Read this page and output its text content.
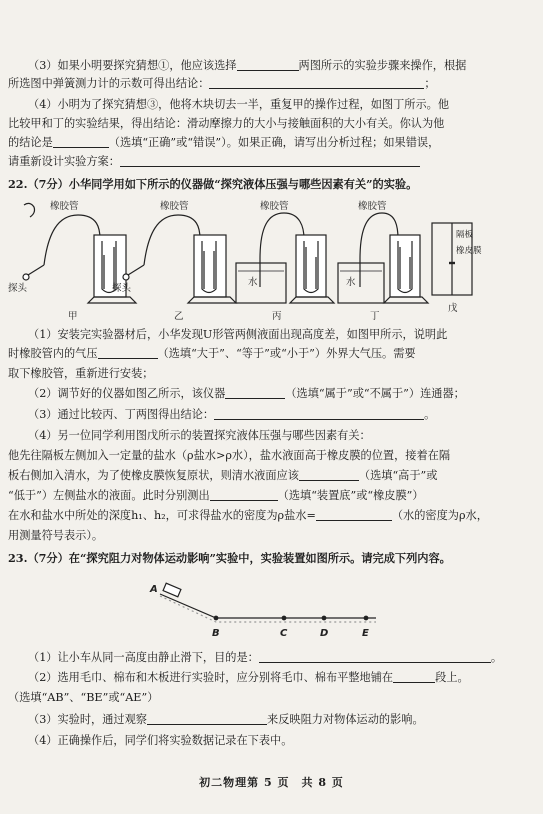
（3）如果小明要探究猜想①，他应该选择	两图所示的实验步骤来操作，根据
所选图中弹簧测力计的示数可得出结论：	；
（4）小明为了探究猜想③，他将木块切去一半，重复甲的操作过程，如图丁所示。他
比较甲和丁的实验结果，得出结论：滑动摩擦力的大小与接触面积的大小有关。你认为他
的结论是	（选填“正确”或“错误”）。如果正确，请写出分析过程；如果错误，
请重新设计实验方案：
22.（7分）小华同学用如下所示的仪器做“探究液体压强与哪些因素有关”的实验。
橡胶管	橡胶管	橡胶管	橡胶管
探头	探头
水	水
甲	乙	丙	丁
戊
隔板
橡皮膜
（1）安装完实验器材后，小华发现U形管两侧液面出现高度差，如图甲所示，说明此
时橡胶管内的气压	（选填“大于”、“等于”或“小于”）外界大气压。需要
取下橡胶管，重新进行安装；
（2）调节好的仪器如图乙所示，该仪器	（选填“属于”或“不属于”）连通器；
（3）通过比较丙、丁两图得出结论：	。
（4）另一位同学利用图戊所示的装置探究液体压强与哪些因素有关：
他先往隔板左侧加入一定量的盐水（ρ盐水>ρ水），盐水液面高于橡皮膜的位置，接着在隔
板右侧加入清水，为了使橡皮膜恢复原状，则清水液面应该	（选填“高于”或
“低于”）左侧盐水的液面。此时分别测出	（选填“装置底”或“橡皮膜”）
在水和盐水中所处的深度h₁、h₂，可求得盐水的密度为ρ盐水=	（水的密度为ρ水，
用测量符号表示）。
23.（7分）在“探究阻力对物体运动影响”实验中，实验装置如图所示。请完成下列内容。
A
B	C	D	E
（1）让小车从同一高度由静止滑下，目的是：	。
（2）选用毛巾、棉布和木板进行实验时，应分别将毛巾、棉布平整地铺在	段上。
（选填“AB”、“BE”或“AE”）
（3）实验时，通过观察	来反映阻力对物体运动的影响。
（4）正确操作后，同学们将实验数据记录在下表中。
初二物理第 5 页　共 8 页
